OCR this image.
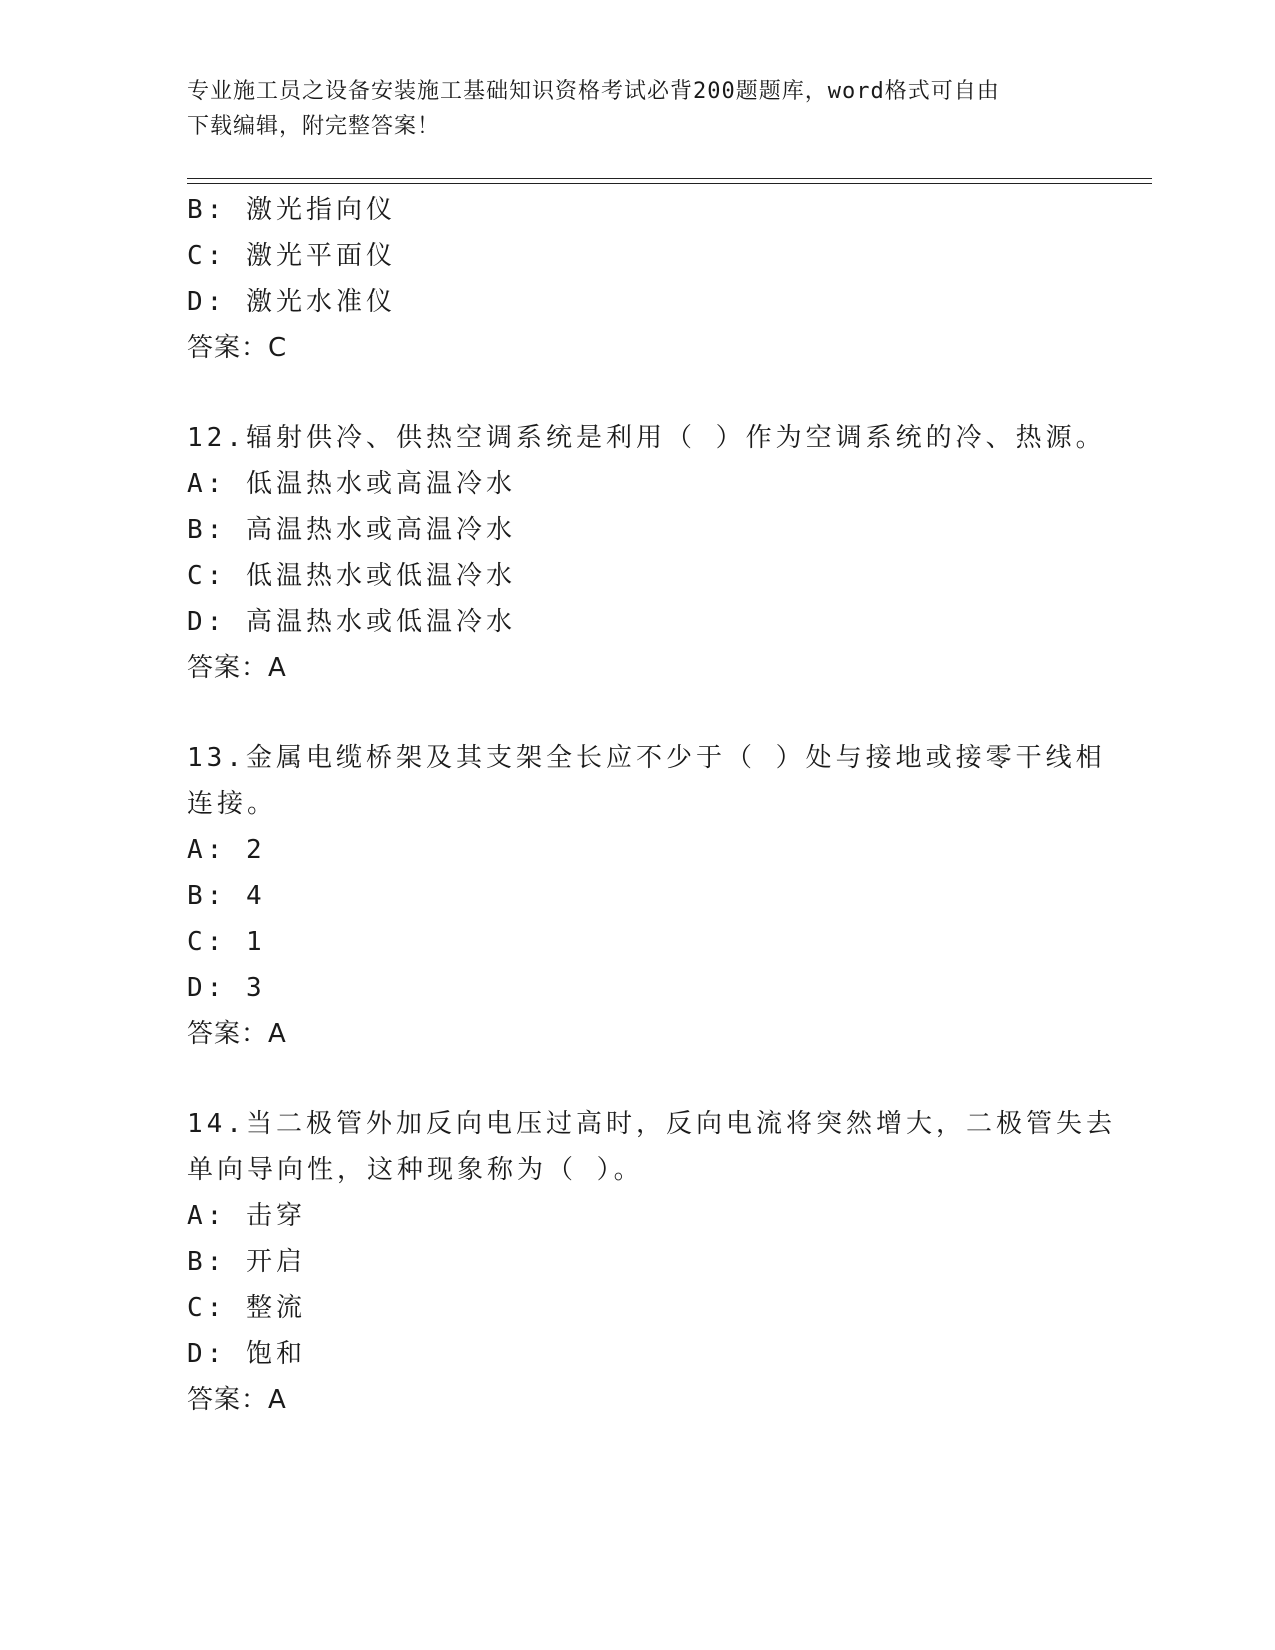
专业施工员之设备安装施工基础知识资格考试必背200题题库，word格式可自由
下载编辑，附完整答案！
B: 激光指向仪
C: 激光平面仪
D: 激光水准仪
答案：C
12.辐射供冷、供热空调系统是利用（ ）作为空调系统的冷、热源。
A: 低温热水或高温冷水
B: 高温热水或高温冷水
C: 低温热水或低温冷水
D: 高温热水或低温冷水
答案：A
13.金属电缆桥架及其支架全长应不少于（ ）处与接地或接零干线相
连接。
A: 2
B: 4
C: 1
D: 3
答案：A
14.当二极管外加反向电压过高时，反向电流将突然增大，二极管失去
单向导向性，这种现象称为（ ）。
A: 击穿
B: 开启
C: 整流
D: 饱和
答案：A
